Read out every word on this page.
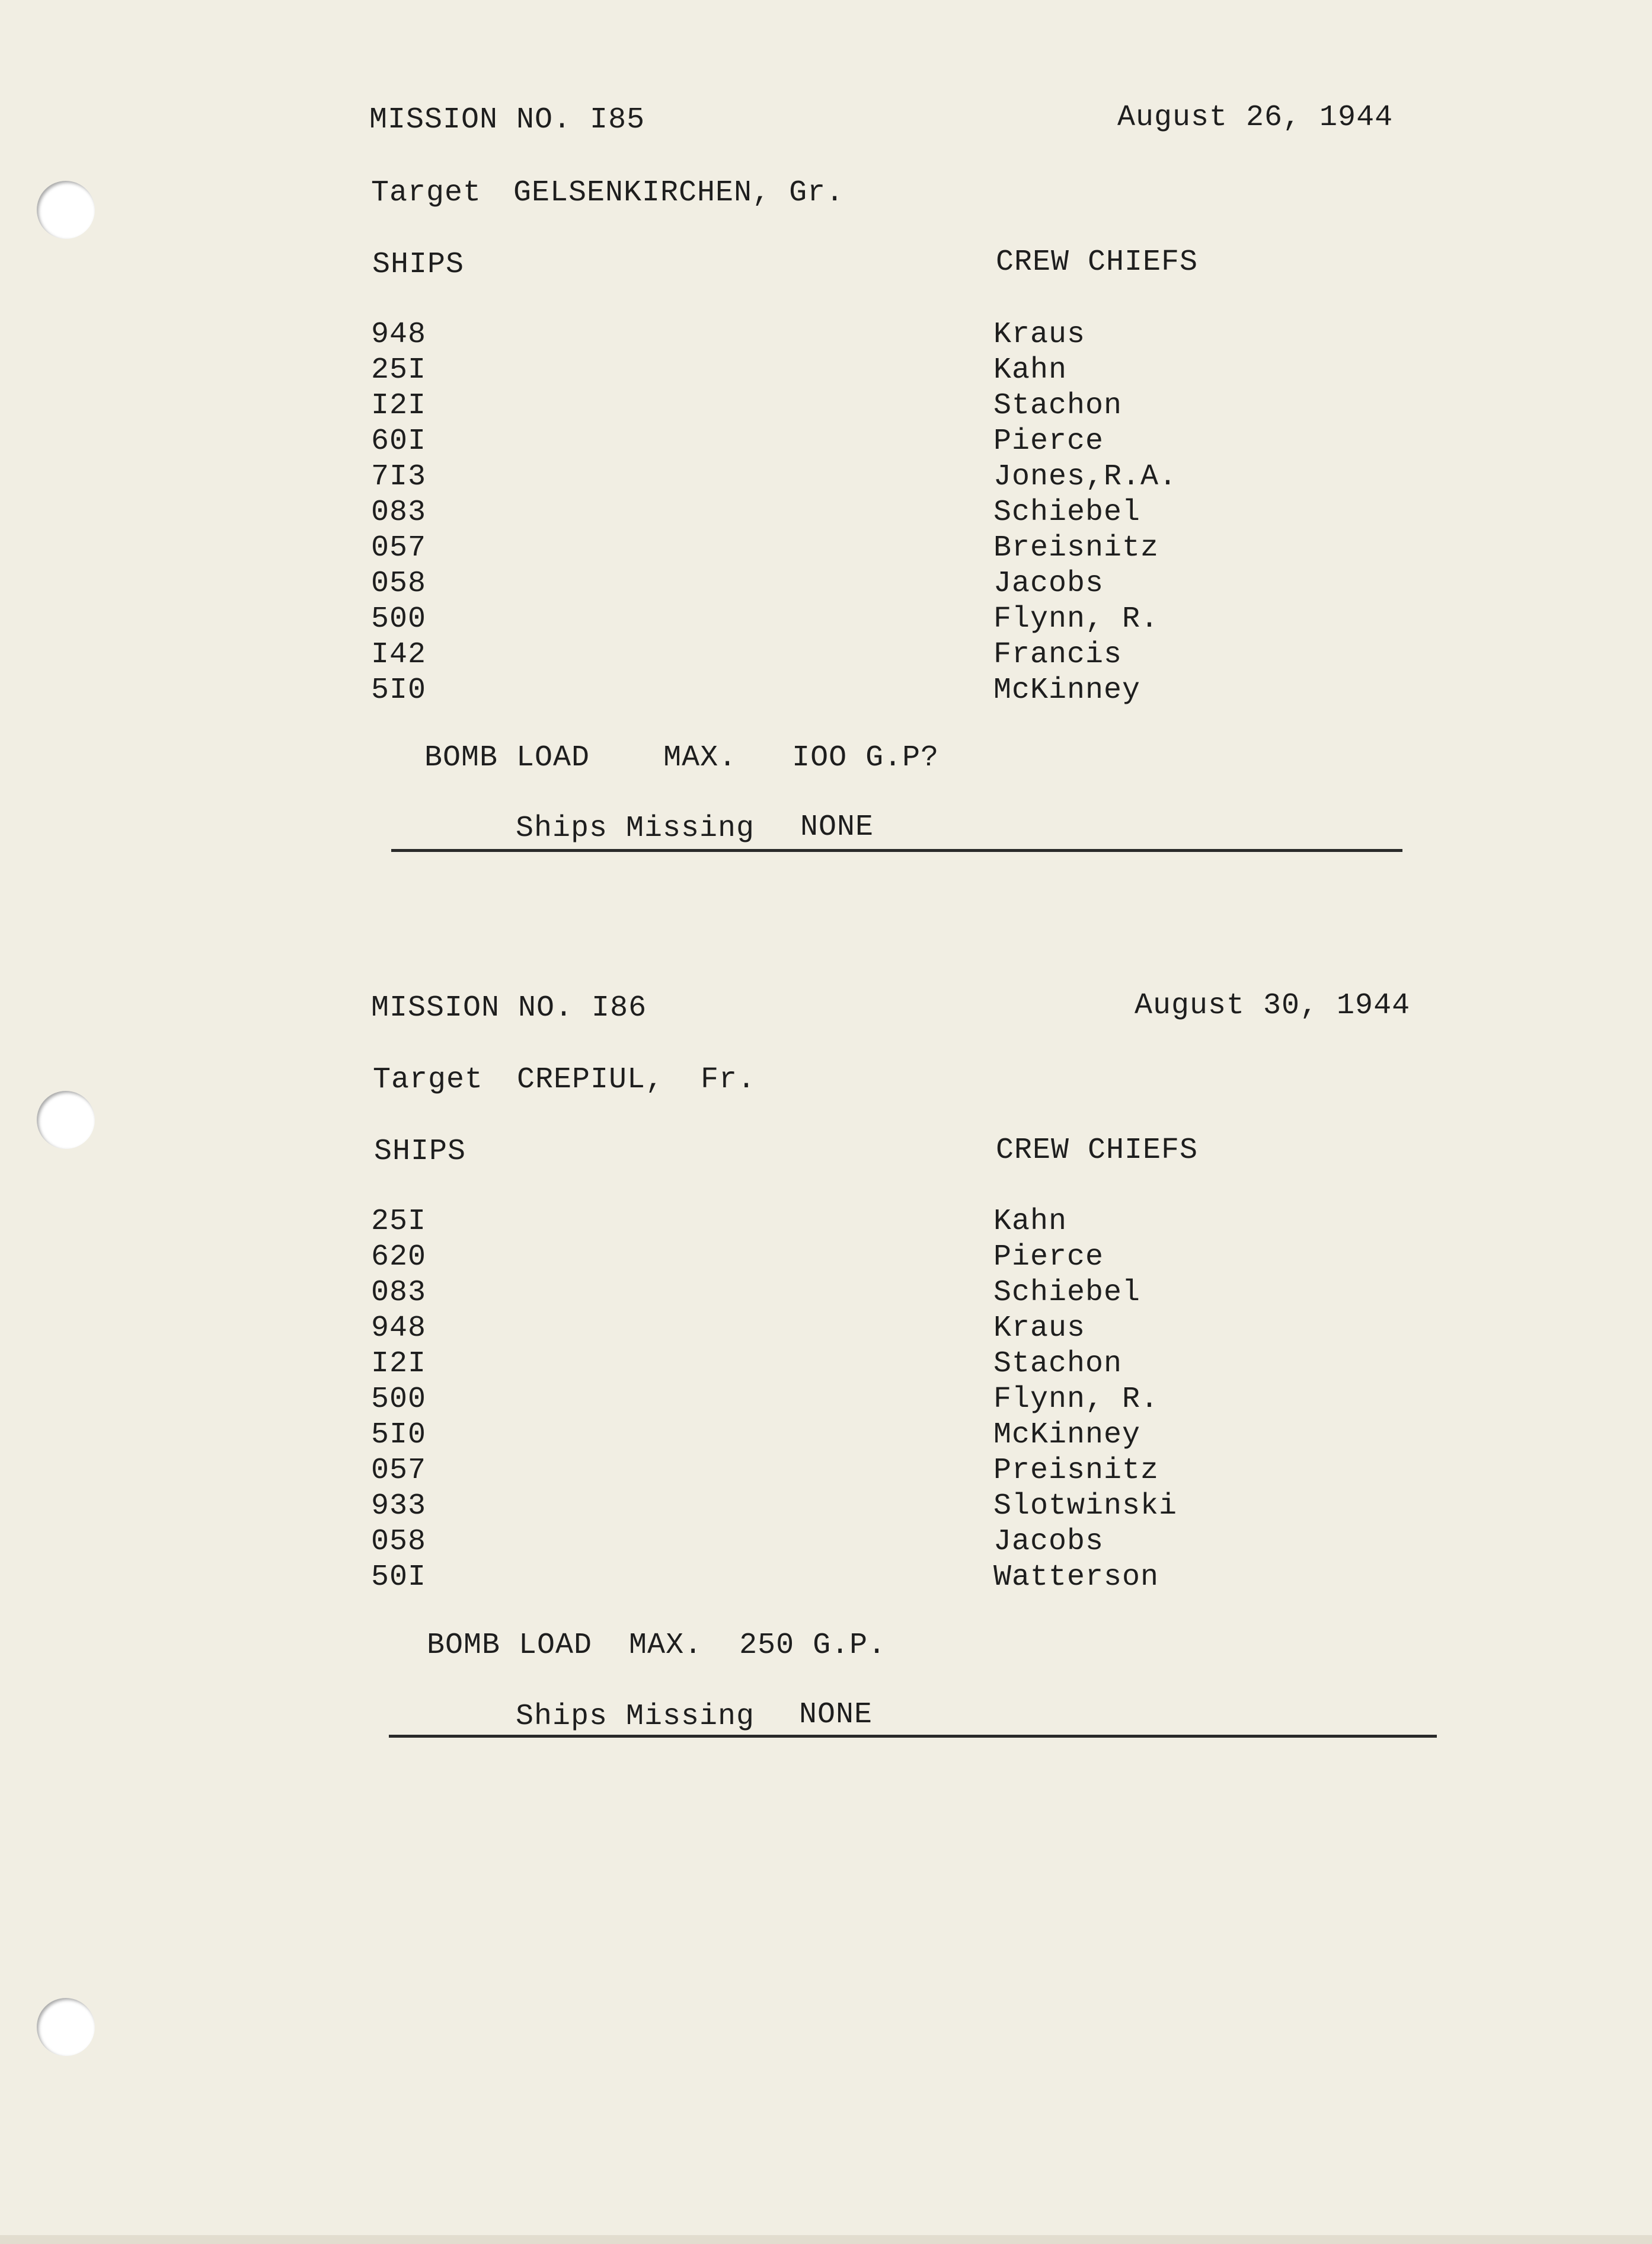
MISSION NO. I85	August 26, 1944
Target GELSENKIRCHEN, Gr.
SHIPS	CREW CHIEFS
948	Kraus
25I	Kahn
I2I	Stachon
60I	Pierce
7I3	Jones,R.A.
083	Schiebel
057	Breisnitz
058	Jacobs
500	Flynn, R.
I42	Francis
5I0	McKinney
BOMB LOAD    MAX.   IOO G.P?
Ships Missing NONE
MISSION NO. I86	August 30, 1944
Target CREPIUL,  Fr.
SHIPS	CREW CHIEFS
25I	Kahn
620	Pierce
083	Schiebel
948	Kraus
I2I	Stachon
500	Flynn, R.
5I0	McKinney
057	Preisnitz
933	Slotwinski
058	Jacobs
50I	Watterson
BOMB LOAD  MAX.  250 G.P.
Ships Missing NONE
